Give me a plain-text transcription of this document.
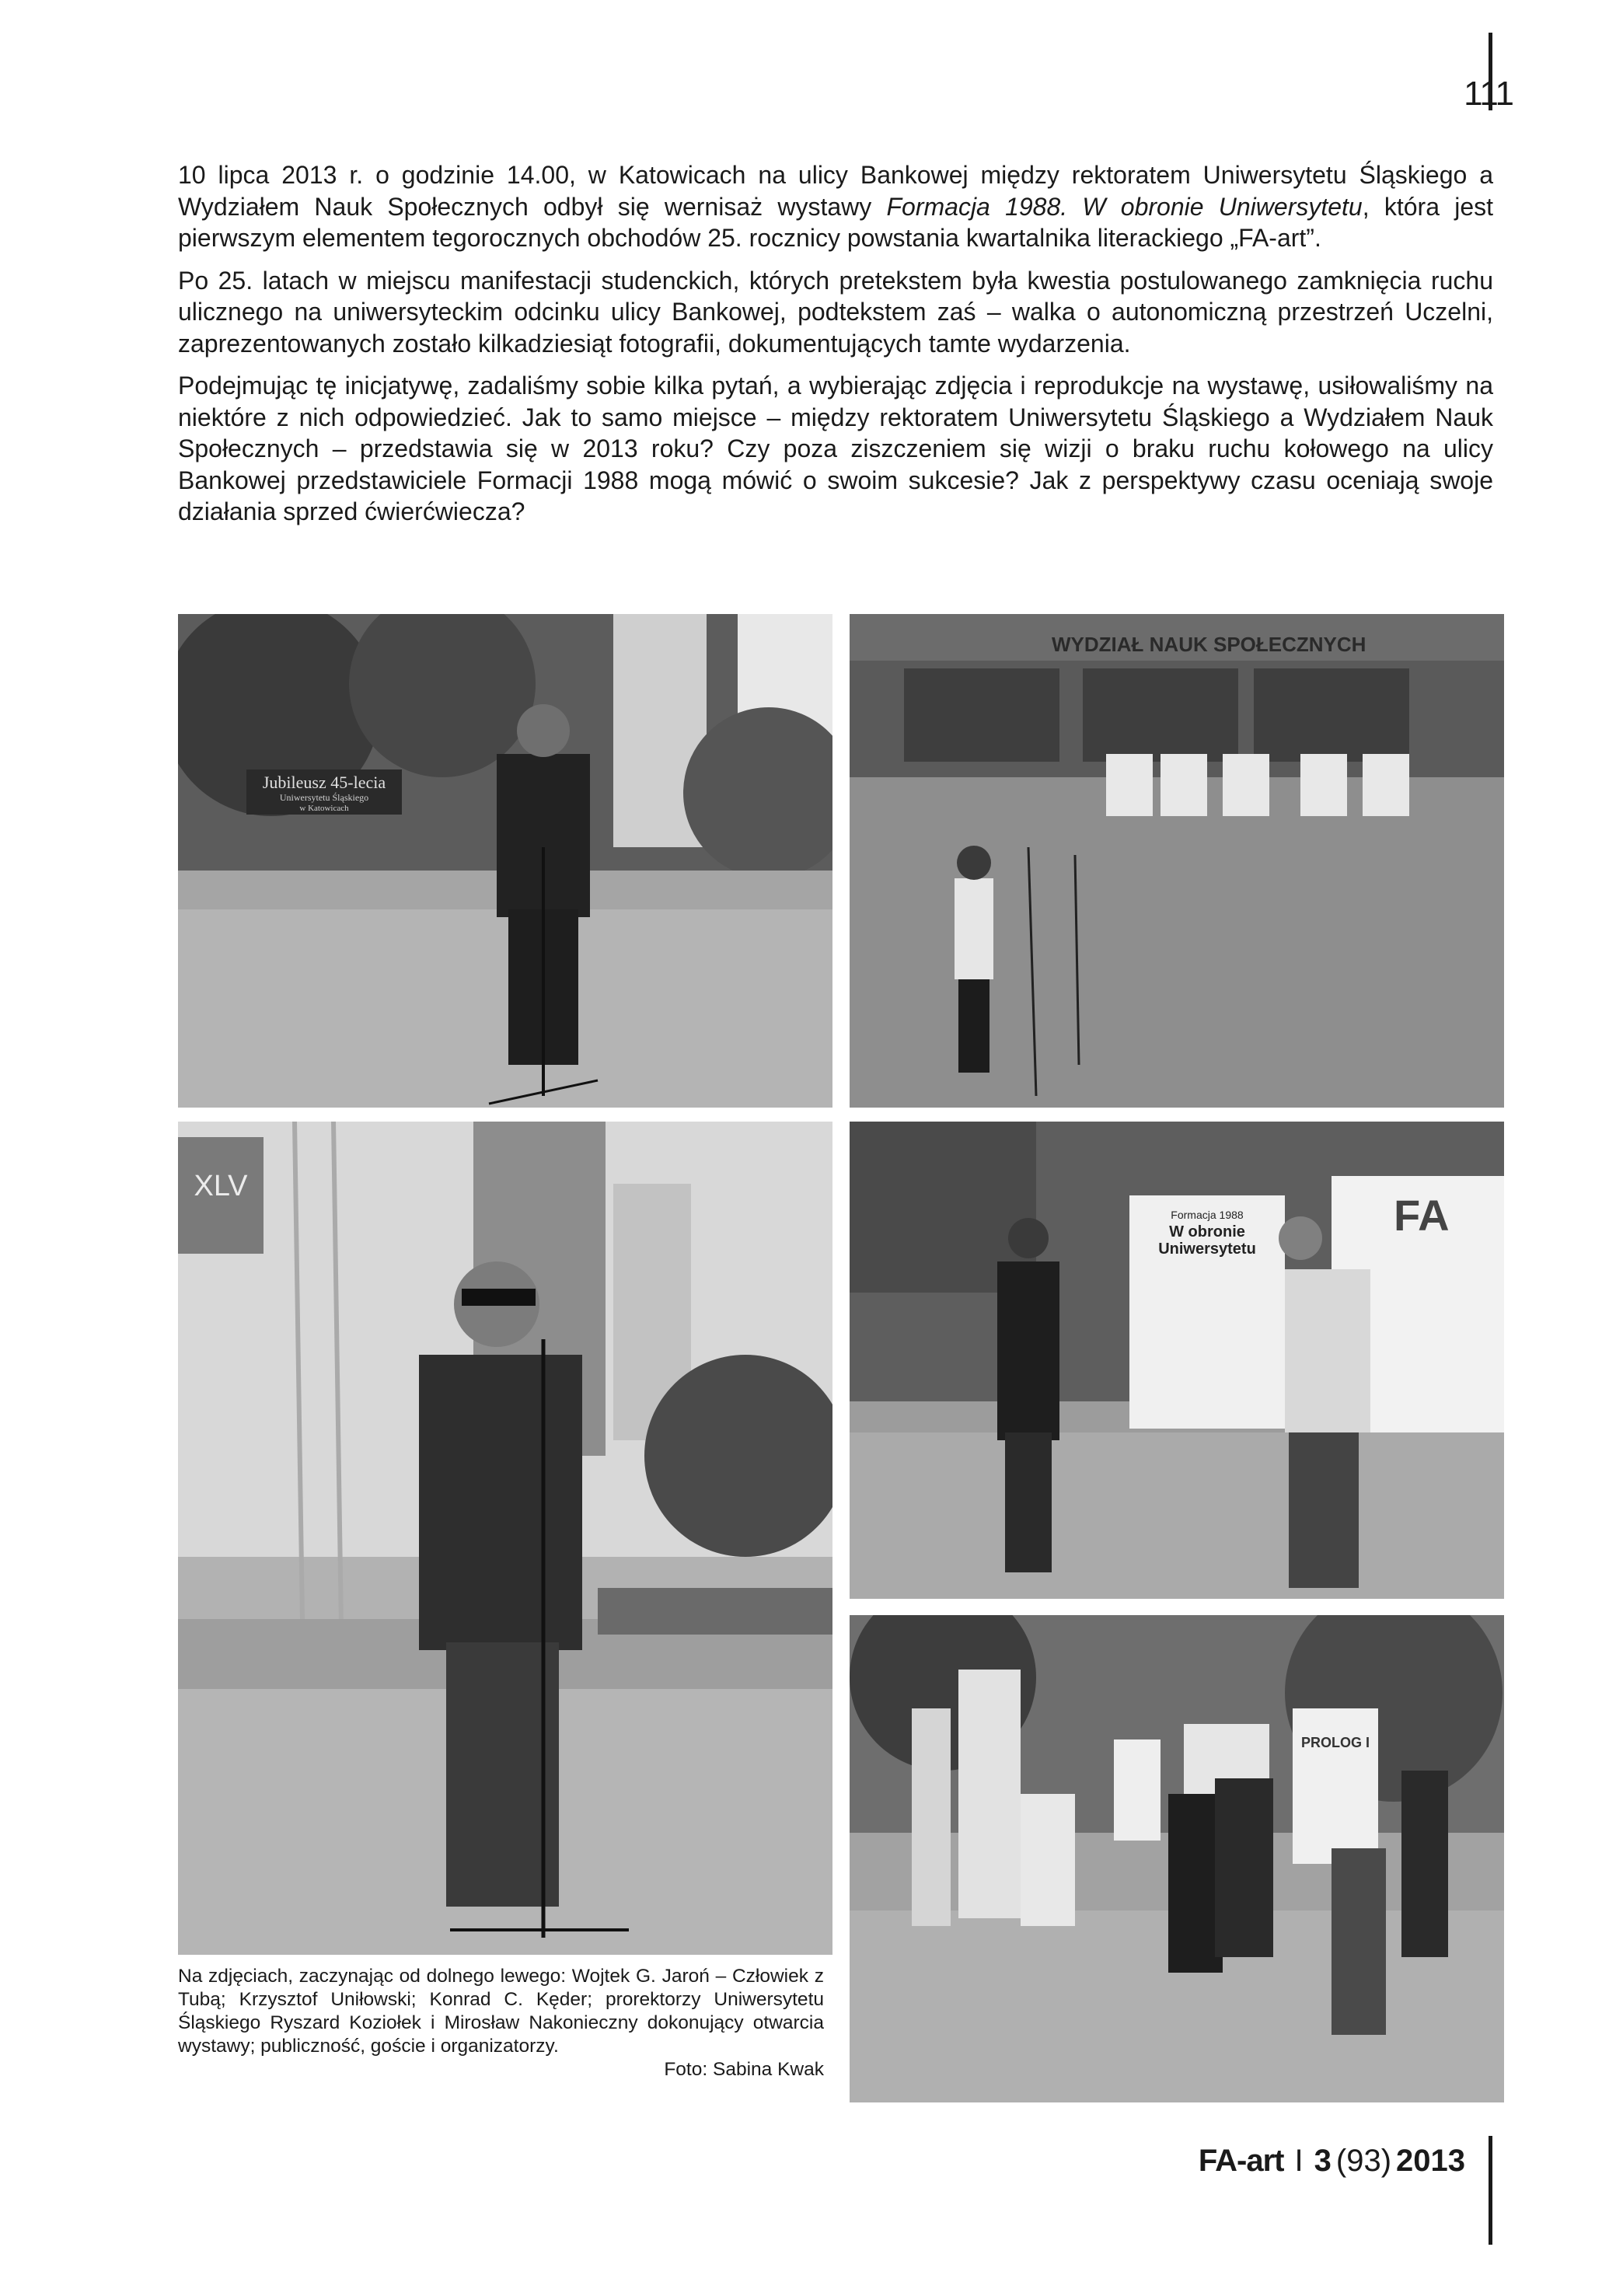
111

10 lipca 2013 r. o godzinie 14.00, w Katowicach na ulicy Bankowej między rektoratem Uniwersytetu Śląskiego a Wydziałem Nauk Społecznych odbył się wernisaż wystawy Formacja 1988. W obronie Uniwersytetu, która jest pierwszym elementem tegorocznych obchodów 25. rocznicy powstania kwartalnika literackiego „FA-art”.

Po 25. latach w miejscu manifestacji studenckich, których pretekstem była kwestia postulowanego zamknięcia ruchu ulicznego na uniwersyteckim odcinku ulicy Bankowej, podtekstem zaś – walka o autonomiczną przestrzeń Uczelni, zaprezentowanych zostało kilkadziesiąt fotografii, dokumentujących tamte wydarzenia.

Podejmując tę inicjatywę, zadaliśmy sobie kilka pytań, a wybierając zdjęcia i reprodukcje na wystawę, usiłowaliśmy na niektóre z nich odpowiedzieć. Jak to samo miejsce – między rektoratem Uniwersytetu Śląskiego a Wydziałem Nauk Społecznych – przedstawia się w 2013 roku? Czy poza ziszczeniem się wizji o braku ruchu kołowego na ulicy Bankowej przedstawiciele Formacji 1988 mogą mówić o swoim sukcesie? Jak z perspektywy czasu oceniają swoje działania sprzed ćwierćwiecza?

Jubileusz 45-lecia
Uniwersytetu Śląskiego
w Katowicach
WYDZIAŁ NAUK SPOŁECZNYCH
XLV
Formacja 1988
W obronie
Uniwersytetu
FA
PROLOG I

Na zdjęciach, zaczynając od dolnego lewego: Wojtek G. Jaroń – Człowiek z Tubą; Krzysztof Uniłowski; Konrad C. Kęder; prorektorzy Uniwersytetu Śląskiego Ryszard Koziołek i Mirosław Nakonieczny dokonujący otwarcia wystawy; publiczność, goście i organizatorzy.

Foto: Sabina Kwak

FA-art I 3 (93) 2013
